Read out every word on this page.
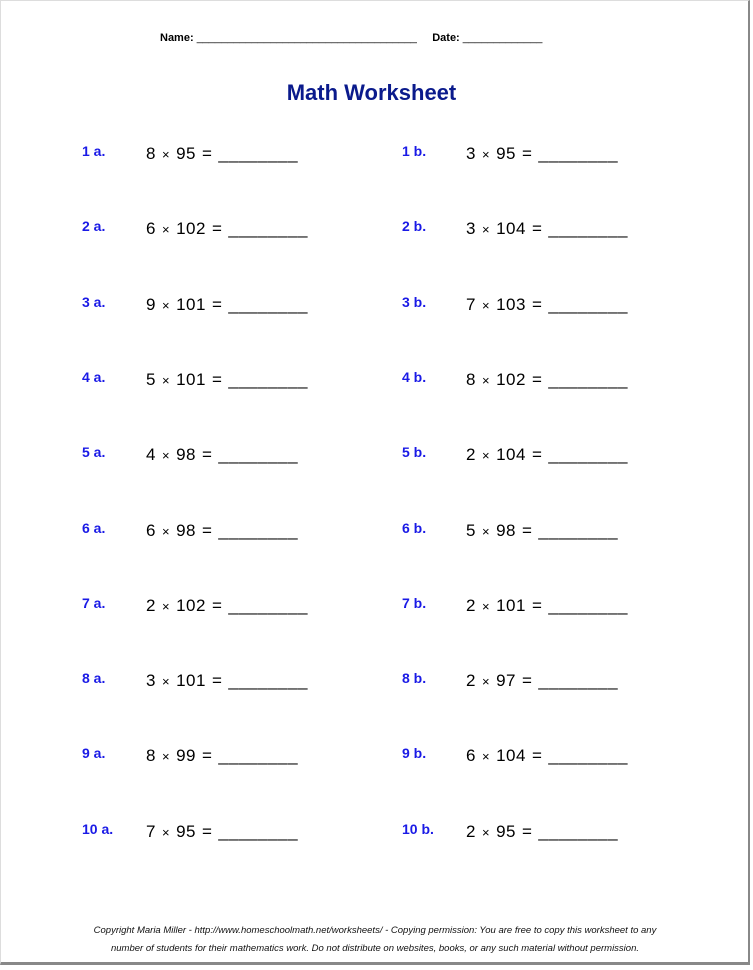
Name: ____________________________________ Date: _____________
Math Worksheet
1 a. 8 × 95 = ________	1 b. 3 × 95 = ________
2 a. 6 × 102 = ________	2 b. 3 × 104 = ________
3 a. 9 × 101 = ________	3 b. 7 × 103 = ________
4 a. 5 × 101 = ________	4 b. 8 × 102 = ________
5 a. 4 × 98 = ________	5 b. 2 × 104 = ________
6 a. 6 × 98 = ________	6 b. 5 × 98 = ________
7 a. 2 × 102 = ________	7 b. 2 × 101 = ________
8 a. 3 × 101 = ________	8 b. 2 × 97 = ________
9 a. 8 × 99 = ________	9 b. 6 × 104 = ________
10 a. 7 × 95 = ________	10 b. 2 × 95 = ________
Copyright Maria Miller - http://www.homeschoolmath.net/worksheets/ - Copying permission: You are free to copy this worksheet to any
number of students for their mathematics work. Do not distribute on websites, books, or any such material without permission.
